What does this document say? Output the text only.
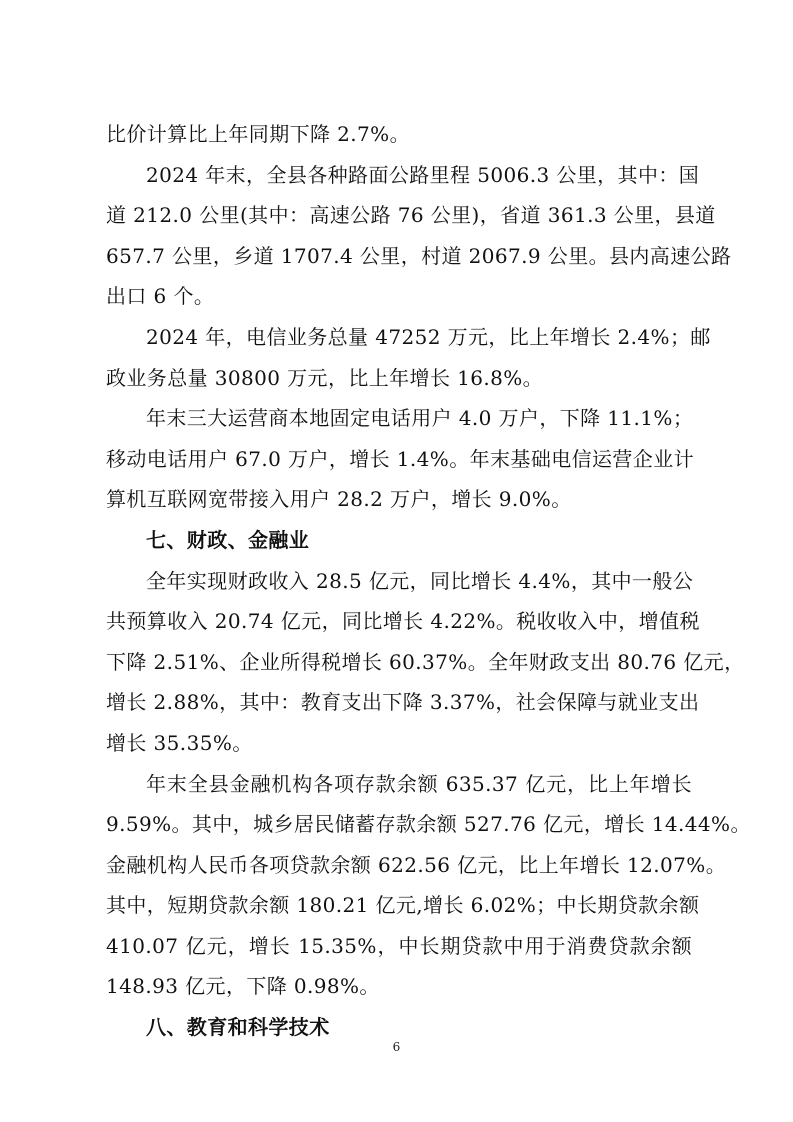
比价计算比上年同期下降 2.7%。
2024 年末，全县各种路面公路里程 5006.3 公里，其中：国
道 212.0 公里(其中：高速公路 76 公里)，省道 361.3 公里，县道
657.7 公里，乡道 1707.4 公里，村道 2067.9 公里。县内高速公路
出口 6 个。
2024 年，电信业务总量 47252 万元，比上年增长 2.4%；邮
政业务总量 30800 万元，比上年增长 16.8%。
年末三大运营商本地固定电话用户 4.0 万户，下降 11.1%；
移动电话用户 67.0 万户，增长 1.4%。年末基础电信运营企业计
算机互联网宽带接入用户 28.2 万户，增长 9.0%。
七、财政、金融业
全年实现财政收入 28.5 亿元，同比增长 4.4%，其中一般公
共预算收入 20.74 亿元，同比增长 4.22%。税收收入中，增值税
下降 2.51%、企业所得税增长 60.37%。全年财政支出 80.76 亿元，
增长 2.88%，其中：教育支出下降 3.37%，社会保障与就业支出
增长 35.35%。
年末全县金融机构各项存款余额 635.37 亿元，比上年增长
9.59%。其中，城乡居民储蓄存款余额 527.76 亿元，增长 14.44%。
金融机构人民币各项贷款余额 622.56 亿元，比上年增长 12.07%。
其中，短期贷款余额 180.21 亿元,增长 6.02%；中长期贷款余额
410.07 亿元，增长 15.35%，中长期贷款中用于消费贷款余额
148.93 亿元，下降 0.98%。
八、教育和科学技术
6
